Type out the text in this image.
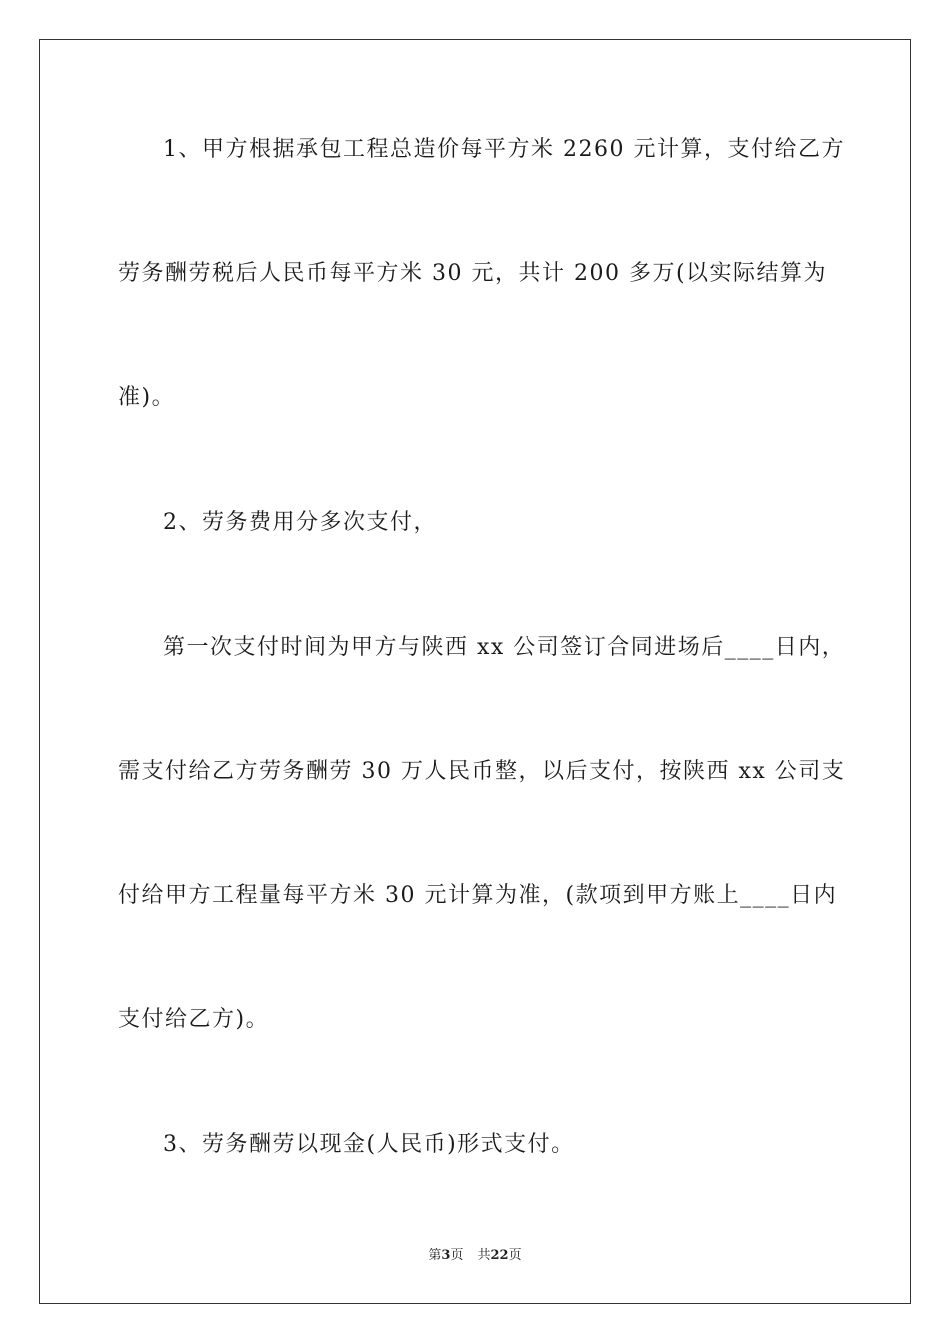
1、甲方根据承包工程总造价每平方米 2260 元计算，支付给乙方
劳务酬劳税后人民币每平方米 30 元，共计 200 多万(以实际结算为
准)。
2、劳务费用分多次支付，
第一次支付时间为甲方与陕西 xx 公司签订合同进场后____日内，
需支付给乙方劳务酬劳 30 万人民币整，以后支付，按陕西 xx 公司支
付给甲方工程量每平方米 30 元计算为准，(款项到甲方账上____日内
支付给乙方)。
3、劳务酬劳以现金(人民币)形式支付。
第3页 共22页
